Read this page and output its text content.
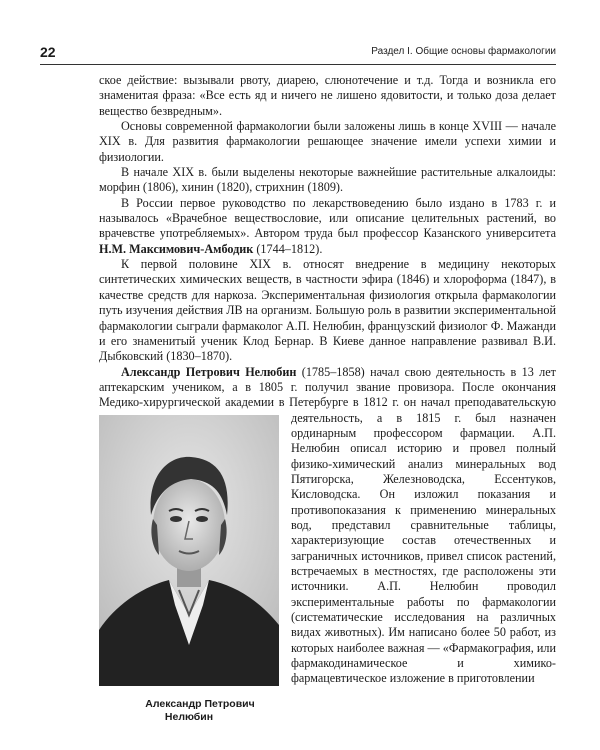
22	Раздел I. Общие основы фармакологии

ское действие: вызывали рвоту, диарею, слюнотечение и т.д. Тогда и возникла его знаменитая фраза: «Все есть яд и ничего не лишено ядовитости, и только доза делает вещество безвредным».

Основы современной фармакологии были заложены лишь в конце XVIII — начале XIX в. Для развития фармакологии решающее значение имели успехи химии и физиологии.

В начале XIX в. были выделены некоторые важнейшие растительные алкалоиды: морфин (1806), хинин (1820), стрихнин (1809).

В России первое руководство по лекарствоведению было издано в 1783 г. и называлось «Врачебное веществословие, или описание целительных растений, во врачевстве употребляемых». Автором труда был профессор Казанского университета Н.М. Максимович-Амбодик (1744–1812).

К первой половине XIX в. относят внедрение в медицину некоторых синтетических химических веществ, в частности эфира (1846) и хлороформа (1847), в качестве средств для наркоза. Экспериментальная физиология открыла фармакологии путь изучения действия ЛВ на организм. Большую роль в развитии экспериментальной фармакологии сыграли фармаколог А.П. Нелюбин, французский физиолог Ф. Мажанди и его знаменитый ученик Клод Бернар. В Киеве данное направление развивал В.И. Дыбковский (1830–1870).

Александр Петрович Нелюбин (1785–1858) начал свою деятельность в 13 лет аптекарским учеником, а в 1805 г. получил звание провизора. После окончания Медико-хирургической академии в Петербурге в 1812 г. он начал преподавательскую
Александр Петрович Нелюбин
деятельность, а в 1815 г. был назначен ординарным профессором фармации. А.П. Нелюбин описал историю и провел полный физико-химический анализ минеральных вод Пятигорска, Железноводска, Ессентуков, Кисловодска. Он изложил показания и противопоказания к применению минеральных вод, представил сравнительные таблицы, характеризующие состав отечественных и заграничных источников, привел список растений, встречаемых в местностях, где расположены эти источники. А.П. Нелюбин проводил экспериментальные работы по фармакологии (систематические исследования на различных видах животных). Им написано более 50 работ, из которых наиболее важная — «Фармакография, или фармакодинамическое и химико-фармацевтическое изложение в приготовлении
